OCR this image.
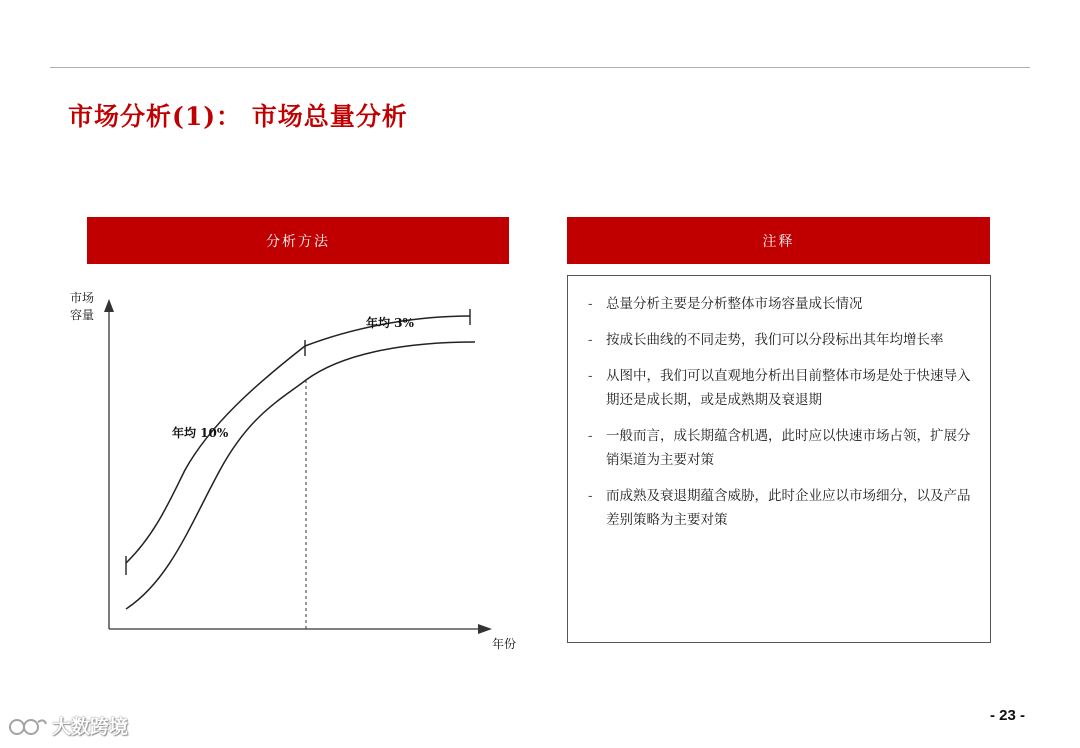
市场分析(1)： 市场总量分析
分析方法	注释
市场
容量
年份
年均 10%
年均 3%
- 总量分析主要是分析整体市场容量成长情况
- 按成长曲线的不同走势，我们可以分段标出其年均增长率
- 从图中，我们可以直观地分析出目前整体市场是处于快速导入期还是成长期，或是成熟期及衰退期
- 一般而言，成长期蕴含机遇，此时应以快速市场占领，扩展分销渠道为主要对策
- 而成熟及衰退期蕴含威胁，此时企业应以市场细分，以及产品差别策略为主要对策
大数跨境
- 23 -
